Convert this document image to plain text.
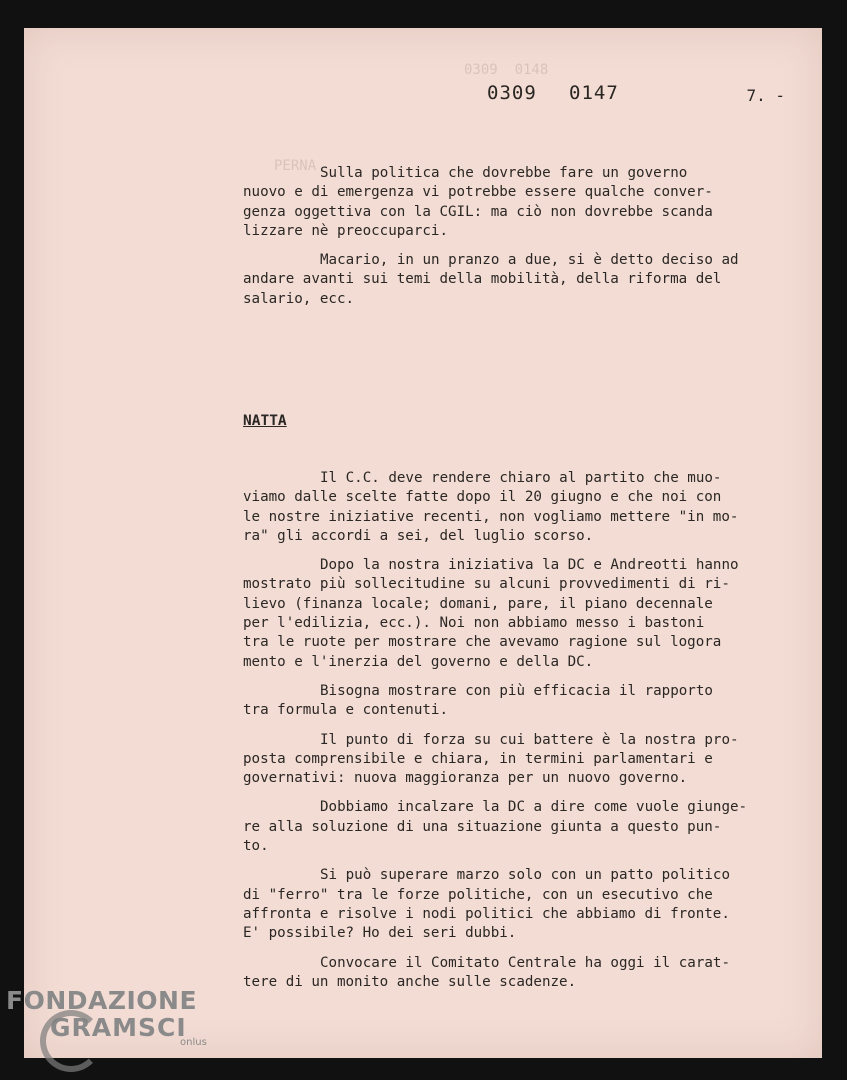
PERNA
0309  0148
0309 0147	7. -

Sulla politica che dovrebbe fare un governo
nuovo e di emergenza vi potrebbe essere qualche conver-
genza oggettiva con la CGIL: ma ciò non dovrebbe scanda
lizzare nè preoccuparci.

Macario, in un pranzo a due, si è detto deciso ad
andare avanti sui temi della mobilità, della riforma del
salario, ecc.

NATTA

Il C.C. deve rendere chiaro al partito che muo-
viamo dalle scelte fatte dopo il 20 giugno e che noi con
le nostre iniziative recenti, non vogliamo mettere "in mo-
ra" gli accordi a sei, del luglio scorso.

Dopo la nostra iniziativa la DC e Andreotti hanno
mostrato più sollecitudine su alcuni provvedimenti di ri-
lievo (finanza locale; domani, pare, il piano decennale
per l'edilizia, ecc.). Noi non abbiamo messo i bastoni
tra le ruote per mostrare che avevamo ragione sul logora
mento e l'inerzia del governo e della DC.

Bisogna mostrare con più efficacia il rapporto
tra formula e contenuti.

Il punto di forza su cui battere è la nostra pro-
posta comprensibile e chiara, in termini parlamentari e
governativi: nuova maggioranza per un nuovo governo.

Dobbiamo incalzare la DC a dire come vuole giunge-
re alla soluzione di una situazione giunta a questo pun-
to.

Si può superare marzo solo con un patto politico
di "ferro" tra le forze politiche, con un esecutivo che
affronta e risolve i nodi politici che abbiamo di fronte.
E' possibile? Ho dei seri dubbi.

Convocare il Comitato Centrale ha oggi il carat-
tere di un monito anche sulle scadenze.

FONDAZIONE
GRAMSCI
onlus
